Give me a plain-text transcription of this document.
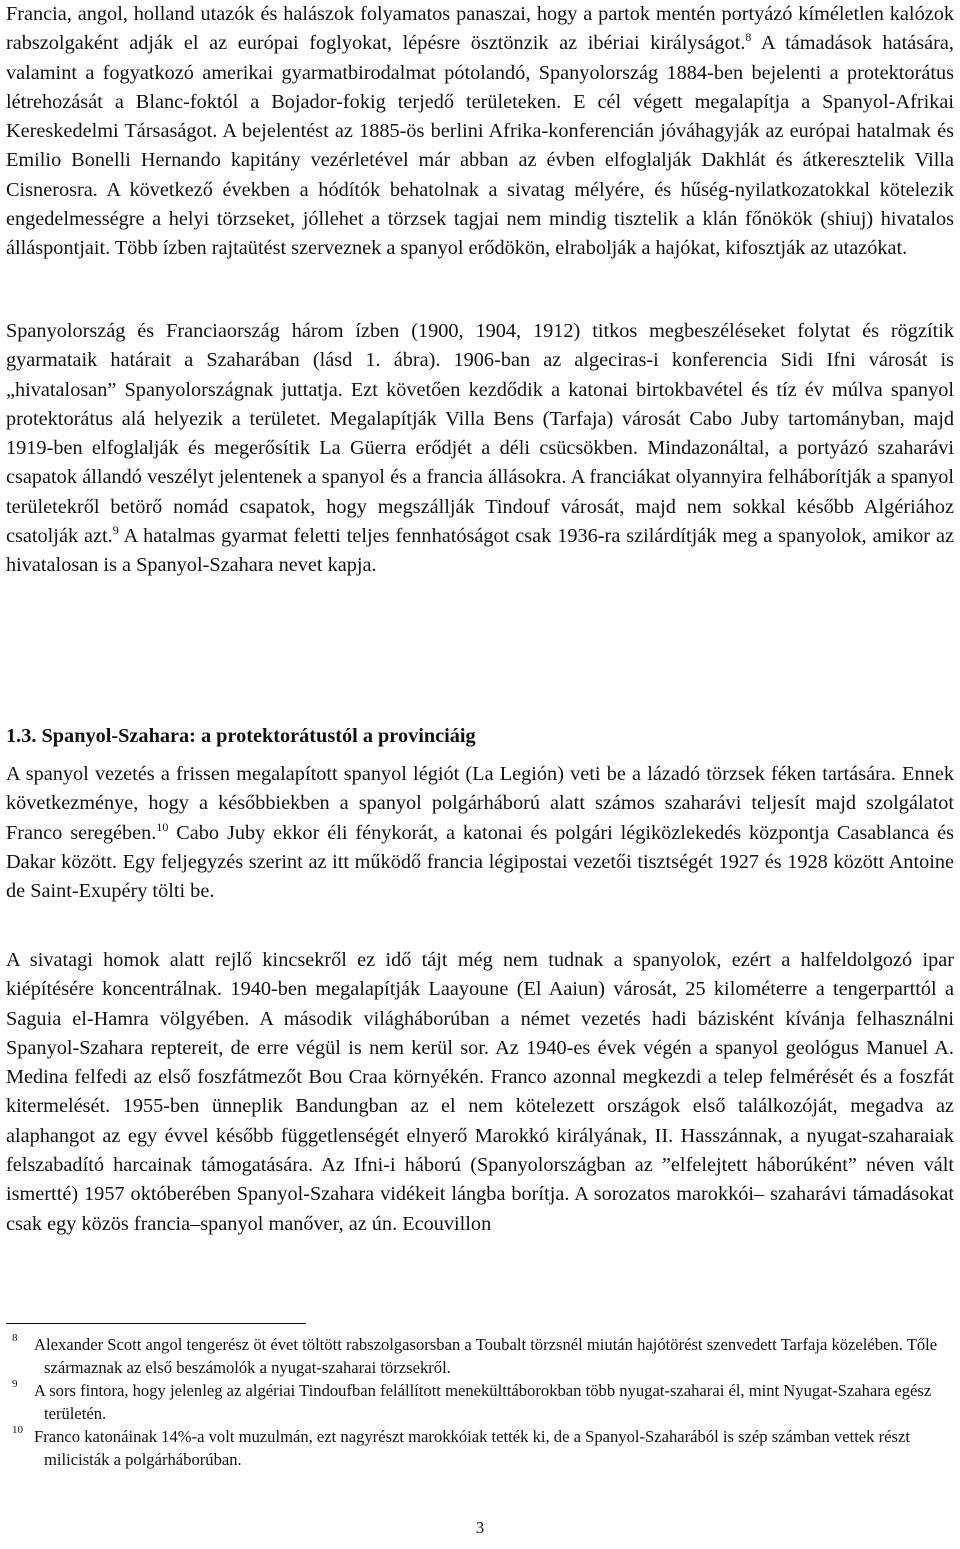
Francia, angol, holland utazók és halászok folyamatos panaszai, hogy a partok mentén portyázó kíméletlen kalózok rabszolgaként adják el az európai foglyokat, lépésre ösztönzik az ibériai királyságot.$^8$ A támadások hatására, valamint a fogyatkozó amerikai gyarmatbirodalmat pótolandó, Spanyolország 1884-ben bejelenti a protektorátus létrehozását a Blanc-foktól a Bojador-fokig terjedő területeken. E cél végett megalapítja a Spanyol-Afrikai Kereskedelmi Társaságot. A bejelentést az 1885-ös berlini Afrika-konferencián jóváhagyják az európai hatalmak és Emilio Bonelli Hernando kapitány vezérletével már abban az évben elfoglalják Dakhlát és átkeresztelik Villa Cisnerosra. A következő években a hódítók behatolnak a sivatag mélyére, és hűség-nyilatkozatokkal kötelezik engedelmességre a helyi törzseket, jóllehet a törzsek tagjai nem mindig tisztelik a klán főnökök (shiuj) hivatalos álláspontjait. Több ízben rajtaütést szerveznek a spanyol erődökön, elrabolják a hajókat, kifosztják az utazókat.

Spanyolország és Franciaország három ízben (1900, 1904, 1912) titkos megbeszéléseket folytat és rögzítik gyarmataik határait a Szaharában (lásd 1. ábra). 1906-ban az algeciras-i konferencia Sidi Ifni városát is „hivatalosan” Spanyolországnak juttatja. Ezt követően kezdődik a katonai birtokbavétel és tíz év múlva spanyol protektorátus alá helyezik a területet. Megalapítják Villa Bens (Tarfaja) városát Cabo Juby tartományban, majd 1919-ben elfoglalják és megerősítik La Güerra erődjét a déli csücsökben. Mindazonáltal, a portyázó szaharávi csapatok állandó veszélyt jelentenek a spanyol és a francia állásokra. A franciákat olyannyira felháborítják a spanyol területekről betörő nomád csapatok, hogy megszállják Tindouf városát, majd nem sokkal később Algériához csatolják azt.$^9$ A hatalmas gyarmat feletti teljes fennhatóságot csak 1936-ra szilárdítják meg a spanyolok, amikor az hivatalosan is a Spanyol-Szahara nevet kapja.

1.3. Spanyol-Szahara: a protektorátustól a provinciáig

A spanyol vezetés a frissen megalapított spanyol légiót (La Legión) veti be a lázadó törzsek féken tartására. Ennek következménye, hogy a későbbiekben a spanyol polgárháború alatt számos szaharávi teljesít majd szolgálatot Franco seregében.$^{10}$ Cabo Juby ekkor éli fénykorát, a katonai és polgári légiközlekedés központja Casablanca és Dakar között. Egy feljegyzés szerint az itt működő francia légipostai vezetői tisztségét 1927 és 1928 között Antoine de Saint-Exupéry tölti be.

A sivatagi homok alatt rejlő kincsekről ez idő tájt még nem tudnak a spanyolok, ezért a halfeldolgozó ipar kiépítésére koncentrálnak. 1940-ben megalapítják Laayoune (El Aaiun) városát, 25 kilométerre a tengerparttól a Saguia el-Hamra völgyében. A második világháborúban a német vezetés hadi bázisként kívánja felhasználni Spanyol-Szahara reptereit, de erre végül is nem kerül sor. Az 1940-es évek végén a spanyol geológus Manuel A. Medina felfedi az első foszfátmezőt Bou Craa környékén. Franco azonnal megkezdi a telep felmérését és a foszfát kitermelését. 1955-ben ünneplik Bandungban az el nem kötelezett országok első találkozóját, megadva az alaphangot az egy évvel később függetlenségét elnyerő Marokkó királyának, II. Hasszánnak, a nyugat-szaharaiak felszabadító harcainak támogatására. Az Ifni-i háború (Spanyolországban az ”elfelejtett háborúként” néven vált ismertté) 1957 októberében Spanyol-Szahara vidékeit lángba borítja. A sorozatos marokkói– szaharávi támadásokat csak egy közös francia–spanyol manőver, az ún. Ecouvillon

8 Alexander Scott angol tengerész öt évet töltött rabszolgasorsban a Toubalt törzsnél miután hajótörést szenvedett Tarfaja közelében. Tőle származnak az első beszámolók a nyugat-szaharai törzsekről.

9 A sors fintora, hogy jelenleg az algériai Tindoufban felállított menekülttáborokban több nyugat-szaharai él, mint Nyugat-Szahara egész területén.

10 Franco katonáinak 14%-a volt muzulmán, ezt nagyrészt marokkóiak tették ki, de a Spanyol-Szaharából is szép számban vettek részt milicisták a polgárháborúban.

3
